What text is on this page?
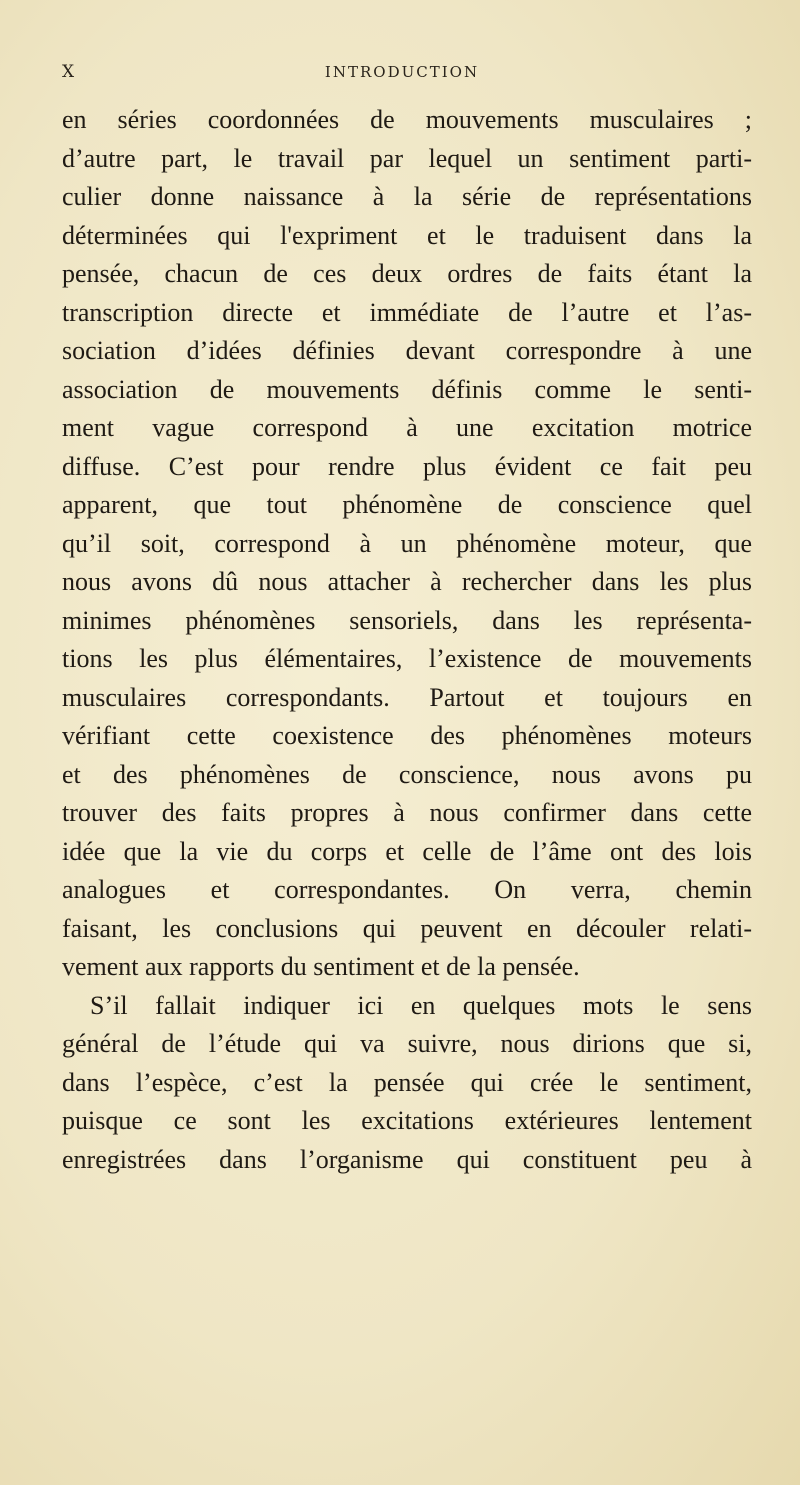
X	INTRODUCTION
en séries coordonnées de mouvements musculaires ;
d’autre part, le travail par lequel un sentiment parti-
culier donne naissance à la série de représentations
déterminées qui l'expriment et le traduisent dans la
pensée, chacun de ces deux ordres de faits étant la
transcription directe et immédiate de l’autre et l’as-
sociation d’idées définies devant correspondre à une
association de mouvements définis comme le senti-
ment vague correspond à une excitation motrice
diffuse. C’est pour rendre plus évident ce fait peu
apparent, que tout phénomène de conscience quel
qu’il soit, correspond à un phénomène moteur, que
nous avons dû nous attacher à rechercher dans les plus
minimes phénomènes sensoriels, dans les représenta-
tions les plus élémentaires, l’existence de mouvements
musculaires correspondants. Partout et toujours en
vérifiant cette coexistence des phénomènes moteurs
et des phénomènes de conscience, nous avons pu
trouver des faits propres à nous confirmer dans cette
idée que la vie du corps et celle de l’âme ont des lois
analogues et correspondantes. On verra, chemin
faisant, les conclusions qui peuvent en découler relati-
vement aux rapports du sentiment et de la pensée.
S’il fallait indiquer ici en quelques mots le sens
général de l’étude qui va suivre, nous dirions que si,
dans l’espèce, c’est la pensée qui crée le sentiment,
puisque ce sont les excitations extérieures lentement
enregistrées dans l’organisme qui constituent peu à
